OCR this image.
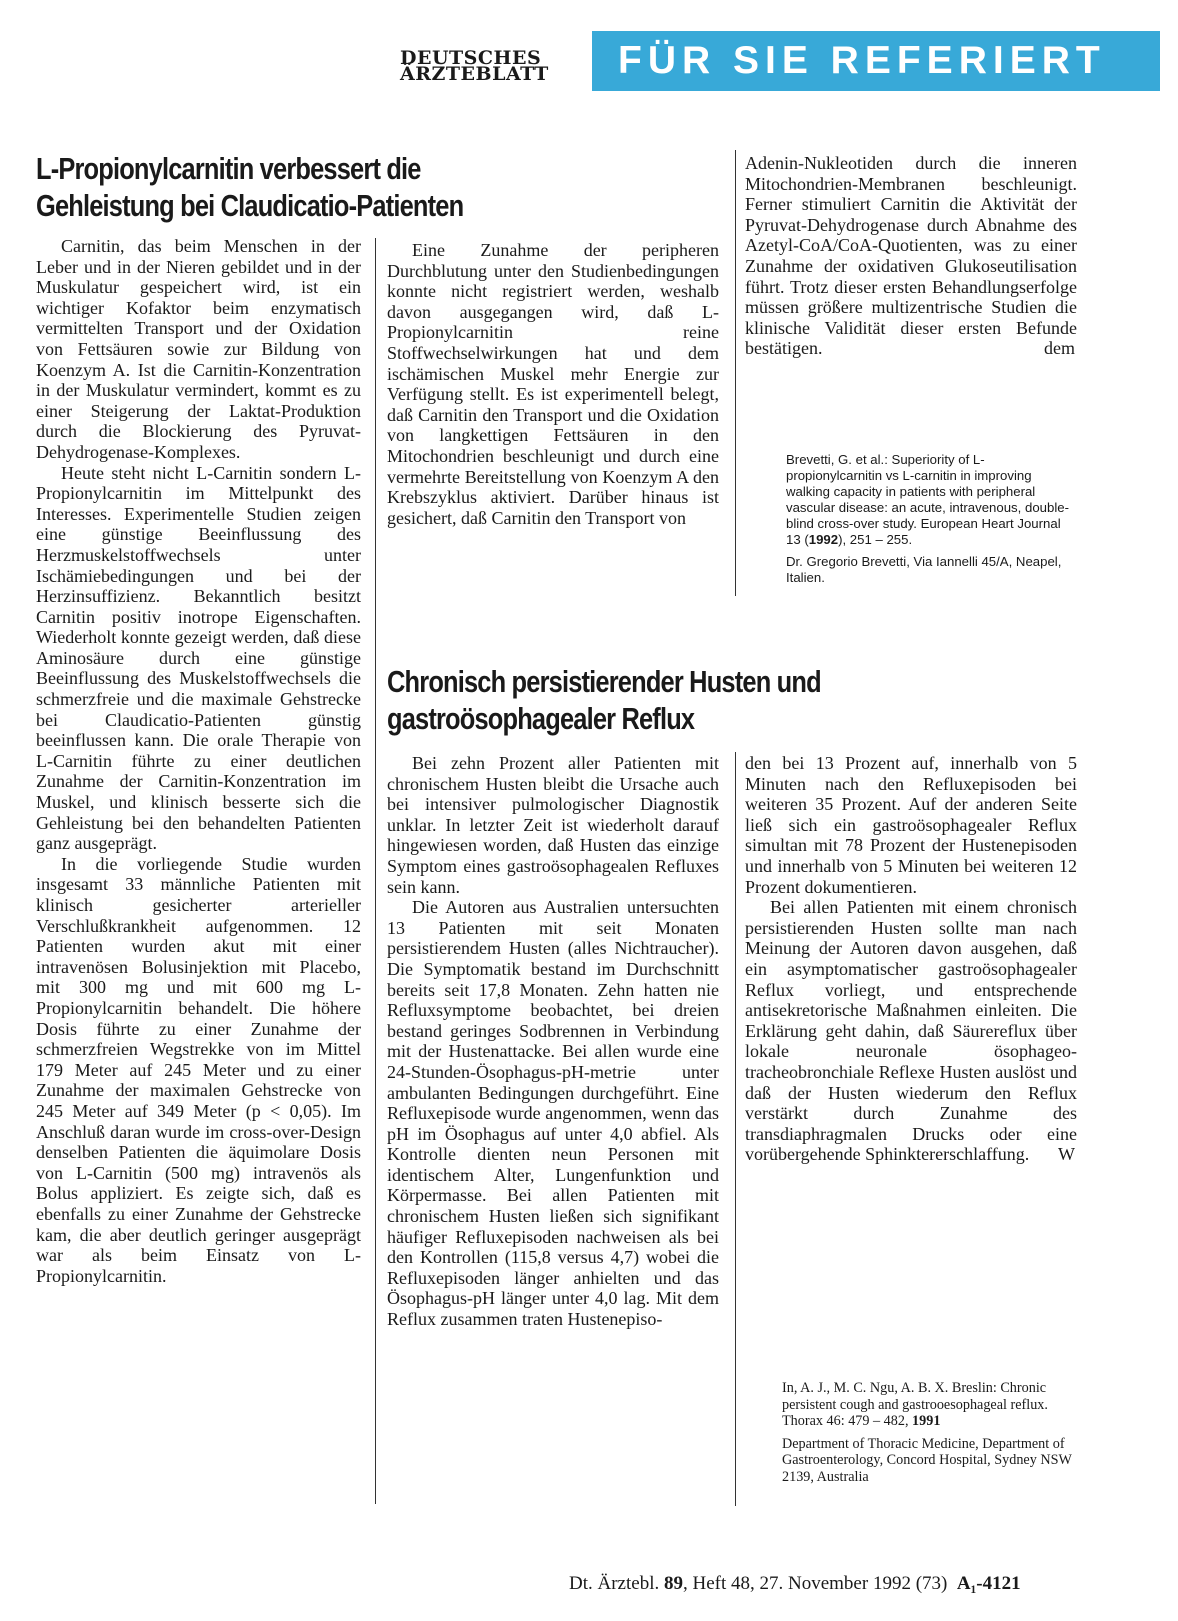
DEUTSCHES
ÄRZTEBLATT FÜR SIE REFERIERT
L-Propionylcarnitin verbessert die
Gehleistung bei Claudicatio-Patienten

Carnitin, das beim Menschen in der Leber und in der Nieren gebildet und in der Muskulatur gespeichert wird, ist ein wichtiger Kofaktor beim enzymatisch vermittelten Transport und der Oxidation von Fettsäuren sowie zur Bildung von Koenzym A. Ist die Carnitin-Konzentration in der Muskulatur vermindert, kommt es zu einer Steigerung der Laktat-Produktion durch die Blockierung des Pyruvat-Dehydrogenase-Komplexes.

Heute steht nicht L-Carnitin sondern L-Propionylcarnitin im Mittelpunkt des Interesses. Experimentelle Studien zeigen eine günstige Beeinflussung des Herzmuskelstoffwechsels unter Ischämiebedingungen und bei der Herzinsuffizienz. Bekanntlich besitzt Carnitin positiv inotrope Eigenschaften. Wiederholt konnte gezeigt werden, daß diese Aminosäure durch eine günstige Beeinflussung des Muskelstoffwechsels die schmerzfreie und die maximale Gehstrecke bei Claudicatio-Patienten günstig beeinflussen kann. Die orale Therapie von L-Carnitin führte zu einer deutlichen Zunahme der Carnitin-Konzentration im Muskel, und klinisch besserte sich die Gehleistung bei den behandelten Patienten ganz ausgeprägt.

In die vorliegende Studie wurden insgesamt 33 männliche Patienten mit klinisch gesicherter arterieller Verschlußkrankheit aufgenommen. 12 Patienten wurden akut mit einer intravenösen Bolusinjektion mit Placebo, mit 300 mg und mit 600 mg L-Propionylcarnitin behandelt. Die höhere Dosis führte zu einer Zunahme der schmerzfreien Wegstrekke von im Mittel 179 Meter auf 245 Meter und zu einer Zunahme der maximalen Gehstrecke von 245 Meter auf 349 Meter (p < 0,05). Im Anschluß daran wurde im cross-over-Design denselben Patienten die äquimolare Dosis von L-Carnitin (500 mg) intravenös als Bolus appliziert. Es zeigte sich, daß es ebenfalls zu einer Zunahme der Gehstrecke kam, die aber deutlich geringer ausgeprägt war als beim Einsatz von L-Propionylcarnitin.

Eine Zunahme der peripheren Durchblutung unter den Studienbedingungen konnte nicht registriert werden, weshalb davon ausgegangen wird, daß L-Propionylcarnitin reine Stoffwechselwirkungen hat und dem ischämischen Muskel mehr Energie zur Verfügung stellt. Es ist experimentell belegt, daß Carnitin den Transport und die Oxidation von langkettigen Fettsäuren in den Mitochondrien beschleunigt und durch eine vermehrte Bereitstellung von Koenzym A den Krebszyklus aktiviert. Darüber hinaus ist gesichert, daß Carnitin den Transport von

Adenin-Nukleotiden durch die inneren Mitochondrien-Membranen beschleunigt. Ferner stimuliert Carnitin die Aktivität der Pyruvat-Dehydrogenase durch Abnahme des Azetyl-CoA/CoA-Quotienten, was zu einer Zunahme der oxidativen Glukoseutilisation führt. Trotz dieser ersten Behandlungserfolge müssen größere multizentrische Studien die klinische Validität dieser ersten Befunde bestätigen.	dem

Brevetti, G. et al.: Superiority of L-propionylcarnitin vs L-carnitin in improving walking capacity in patients with peripheral vascular disease: an acute, intravenous, double-blind cross-over study. European Heart Journal 13 (1992), 251 – 255.

Dr. Gregorio Brevetti, Via Iannelli 45/A, Neapel, Italien.

Chronisch persistierender Husten und
gastroösophagealer Reflux

Bei zehn Prozent aller Patienten mit chronischem Husten bleibt die Ursache auch bei intensiver pulmologischer Diagnostik unklar. In letzter Zeit ist wiederholt darauf hingewiesen worden, daß Husten das einzige Symptom eines gastroösophagealen Refluxes sein kann.

Die Autoren aus Australien untersuchten 13 Patienten mit seit Monaten persistierendem Husten (alles Nichtraucher). Die Symptomatik bestand im Durchschnitt bereits seit 17,8 Monaten. Zehn hatten nie Refluxsymptome beobachtet, bei dreien bestand geringes Sodbrennen in Verbindung mit der Hustenattacke. Bei allen wurde eine 24-Stunden-Ösophagus-pH-metrie unter ambulanten Bedingungen durchgeführt. Eine Refluxepisode wurde angenommen, wenn das pH im Ösophagus auf unter 4,0 abfiel. Als Kontrolle dienten neun Personen mit identischem Alter, Lungenfunktion und Körpermasse. Bei allen Patienten mit chronischem Husten ließen sich signifikant häufiger Refluxepisoden nachweisen als bei den Kontrollen (115,8 versus 4,7) wobei die Refluxepisoden länger anhielten und das Ösophagus-pH länger unter 4,0 lag. Mit dem Reflux zusammen traten Hustenepiso-

den bei 13 Prozent auf, innerhalb von 5 Minuten nach den Refluxepisoden bei weiteren 35 Prozent. Auf der anderen Seite ließ sich ein gastroösophagealer Reflux simultan mit 78 Prozent der Hustenepisoden und innerhalb von 5 Minuten bei weiteren 12 Prozent dokumentieren.

Bei allen Patienten mit einem chronisch persistierenden Husten sollte man nach Meinung der Autoren davon ausgehen, daß ein asymptomatischer gastroösophagealer Reflux vorliegt, und entsprechende antisekretorische Maßnahmen einleiten. Die Erklärung geht dahin, daß Säurereflux über lokale neuronale ösophageo-tracheobronchiale Reflexe Husten auslöst und daß der Husten wiederum den Reflux verstärkt durch Zunahme des transdiaphragmalen Drucks oder eine vorübergehende Sphinktererschlaffung.	W

In, A. J., M. C. Ngu, A. B. X. Breslin: Chronic persistent cough and gastrooesophageal reflux. Thorax 46: 479 – 482, 1991

Department of Thoracic Medicine, Department of Gastroenterology, Concord Hospital, Sydney NSW 2139, Australia

Dt. Ärztebl. 89, Heft 48, 27. November 1992 (73) A₁-4121
